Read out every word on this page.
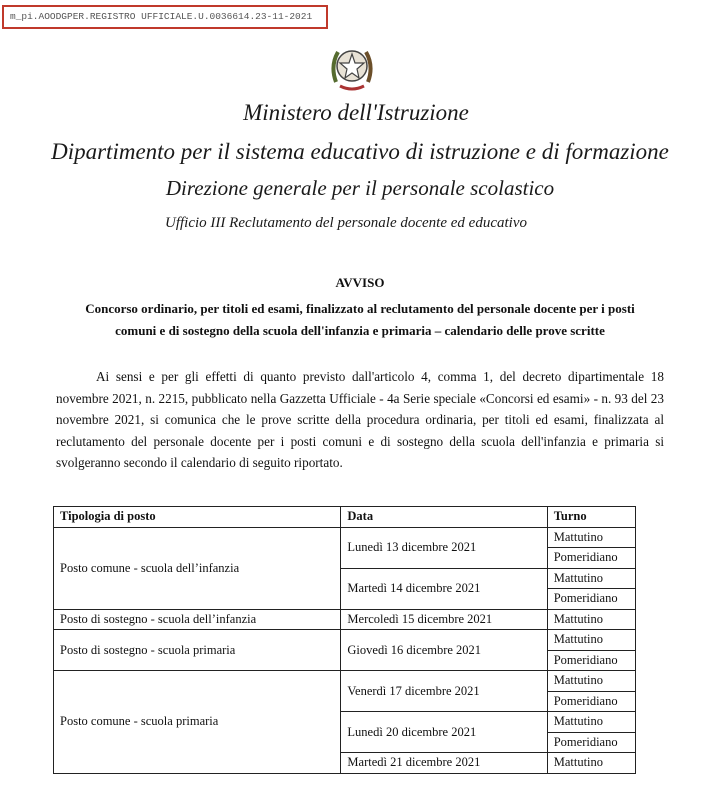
m_pi.AOODGPER.REGISTRO UFFICIALE.U.0036614.23-11-2021
Ministero dell'Istruzione
Dipartimento per il sistema educativo di istruzione e di formazione
Direzione generale per il personale scolastico
Ufficio III Reclutamento del personale docente ed educativo
AVVISO
Concorso ordinario, per titoli ed esami, finalizzato al reclutamento del personale docente per i posti
comuni e di sostegno della scuola dell'infanzia e primaria – calendario delle prove scritte
Ai sensi e per gli effetti di quanto previsto dall'articolo 4, comma 1, del decreto dipartimentale 18 novembre 2021, n. 2215, pubblicato nella Gazzetta Ufficiale - 4a Serie speciale «Concorsi ed esami» - n. 93 del 23 novembre 2021, si comunica che le prove scritte della procedura ordinaria, per titoli ed esami, finalizzata al reclutamento del personale docente per i posti comuni e di sostegno della scuola dell'infanzia e primaria si svolgeranno secondo il calendario di seguito riportato.
Tipologia di posto	Data	Turno
Posto comune - scuola dell’infanzia	Lunedì 13 dicembre 2021	Mattutino
		Pomeridiano
	Martedì 14 dicembre 2021	Mattutino
		Pomeridiano
Posto di sostegno - scuola dell’infanzia	Mercoledì 15 dicembre 2021	Mattutino
Posto di sostegno - scuola primaria	Giovedì 16 dicembre 2021	Mattutino
		Pomeridiano
Posto comune - scuola primaria	Venerdì 17 dicembre 2021	Mattutino
		Pomeridiano
	Lunedì 20 dicembre 2021	Mattutino
		Pomeridiano
	Martedì 21 dicembre 2021	Mattutino
